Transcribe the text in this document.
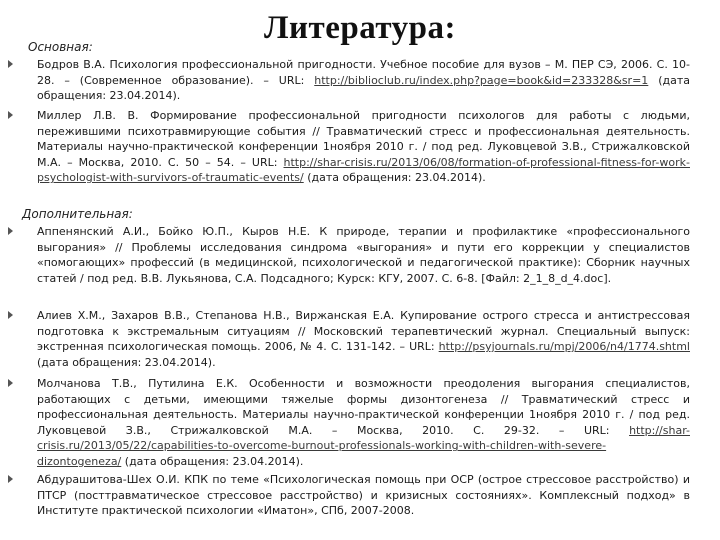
Литература:
Основная:
Бодров В.А. Психология профессиональной пригодности. Учебное пособие для вузов – М. ПЕР СЭ, 2006. С. 10-28. – (Современное образование). – URL: http://biblioclub.ru/index.php?page=book&id=233328&sr=1 (дата обращения: 23.04.2014).
Миллер Л.В. В. Формирование профессиональной пригодности психологов для работы с людьми, пережившими психотравмирующие события // Травматический стресс и профессиональная деятельность. Материалы научно-практической конференции 1ноября 2010 г. / под ред. Луковцевой З.В., Стрижалковской М.А. – Москва, 2010. С. 50 – 54. – URL: http://shar-crisis.ru/2013/06/08/formation-of-professional-fitness-for-work-psychologist-with-survivors-of-traumatic-events/ (дата обращения: 23.04.2014).
Дополнительная:
Аппенянский А.И., Бойко Ю.П., Кыров Н.Е. К природе, терапии и профилактике «профессионального выгорания» // Проблемы исследования синдрома «выгорания» и пути его коррекции у специалистов «помогающих» профессий (в медицинской, психологической и педагогической практике): Сборник научных статей / под ред. В.В. Лукьянова, С.А. Подсадного; Курск: КГУ, 2007. С. 6-8. [Файл: 2_1_8_d_4.doc].
Алиев Х.М., Захаров В.В., Степанова Н.В., Виржанская Е.А. Купирование острого стресса и антистрессовая подготовка к экстремальным ситуациям // Московский терапевтический журнал. Специальный выпуск: экстренная психологическая помощь. 2006, № 4. С. 131-142. – URL: http://psyjournals.ru/mpj/2006/n4/1774.shtml (дата обращения: 23.04.2014).
Молчанова Т.В., Путилина Е.К. Особенности и возможности преодоления выгорания специалистов, работающих с детьми, имеющими тяжелые формы дизонтогенеза // Травматический стресс и профессиональная деятельность. Материалы научно-практической конференции 1ноября 2010 г. / под ред. Луковцевой З.В., Стрижалковской М.А. – Москва, 2010. С. 29-32. – URL: http://shar-crisis.ru/2013/05/22/capabilities-to-overcome-burnout-professionals-working-with-children-with-severe-dizontogeneza/ (дата обращения: 23.04.2014).
Абдурашитова-Шех О.И. КПК по теме «Психологическая помощь при ОСР (острое стрессовое расстройство) и ПТСР (посттравматическое стрессовое расстройство) и кризисных состояниях». Комплексный подход» в Институте практической психологии «Иматон», СПб, 2007-2008.
